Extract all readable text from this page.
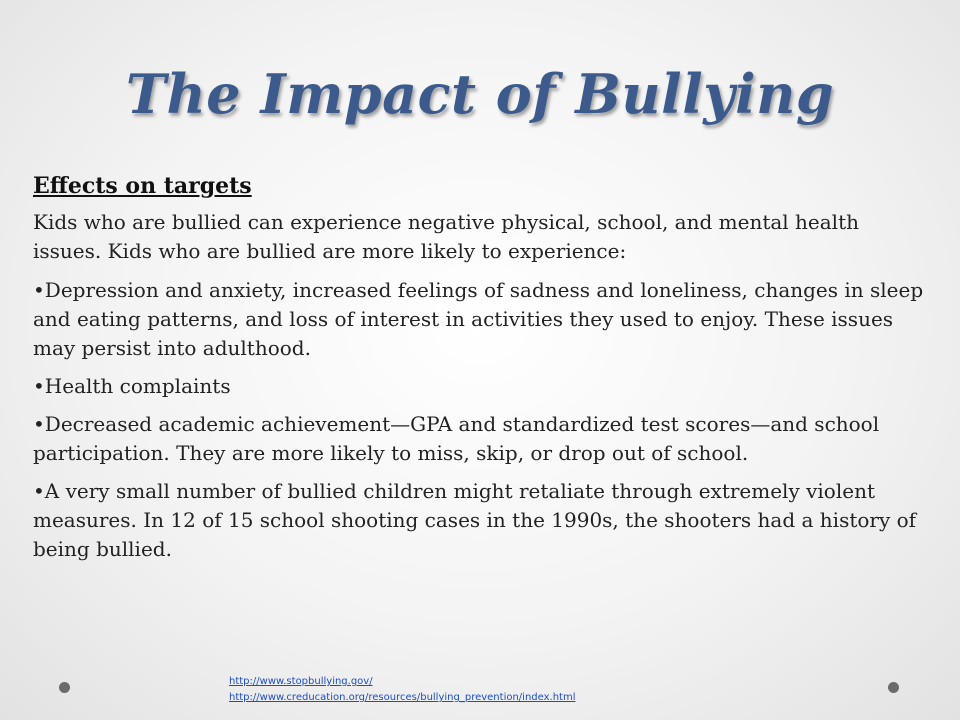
The Impact of Bullying
Effects on targets
Kids who are bullied can experience negative physical, school, and mental health issues. Kids who are bullied are more likely to experience:
•Depression and anxiety, increased feelings of sadness and loneliness, changes in sleep and eating patterns, and loss of interest in activities they used to enjoy. These issues may persist into adulthood.
•Health complaints
•Decreased academic achievement—GPA and standardized test scores—and school participation. They are more likely to miss, skip, or drop out of school.
•A very small number of bullied children might retaliate through extremely violent measures. In 12 of 15 school shooting cases in the 1990s, the shooters had a history of being bullied.
http://www.stopbullying.gov/
http://www.creducation.org/resources/bullying_prevention/index.html
